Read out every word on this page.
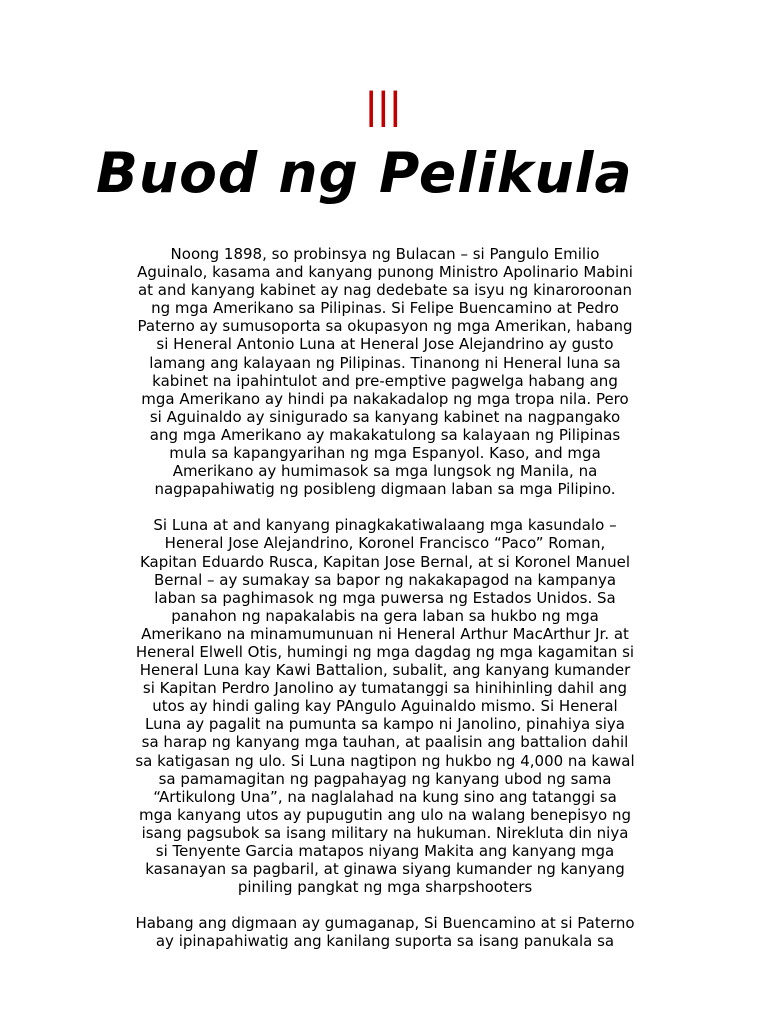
III
Buod ng Pelikula

Noong 1898, so probinsya ng Bulacan – si Pangulo Emilio
Aguinalo, kasama and kanyang punong Ministro Apolinario Mabini
at and kanyang kabinet ay nag dedebate sa isyu ng kinaroroonan
ng mga Amerikano sa Pilipinas. Si Felipe Buencamino at Pedro
Paterno ay sumusoporta sa okupasyon ng mga Amerikan, habang
si Heneral Antonio Luna at Heneral Jose Alejandrino ay gusto
lamang ang kalayaan ng Pilipinas. Tinanong ni Heneral luna sa
kabinet na ipahintulot and pre-emptive pagwelga habang ang
mga Amerikano ay hindi pa nakakadalop ng mga tropa nila. Pero
si Aguinaldo ay sinigurado sa kanyang kabinet na nagpangako
ang mga Amerikano ay makakatulong sa kalayaan ng Pilipinas
mula sa kapangyarihan ng mga Espanyol. Kaso, and mga
Amerikano ay humimasok sa mga lungsok ng Manila, na
nagpapahiwatig ng posibleng digmaan laban sa mga Pilipino.

Si Luna at and kanyang pinagkakatiwalaang mga kasundalo –
Heneral Jose Alejandrino, Koronel Francisco “Paco” Roman,
Kapitan Eduardo Rusca, Kapitan Jose Bernal, at si Koronel Manuel
Bernal – ay sumakay sa bapor ng nakakapagod na kampanya
laban sa paghimasok ng mga puwersa ng Estados Unidos. Sa
panahon ng napakalabis na gera laban sa hukbo ng mga
Amerikano na minamumunuan ni Heneral Arthur MacArthur Jr. at
Heneral Elwell Otis, humingi ng mga dagdag ng mga kagamitan si
Heneral Luna kay Kawi Battalion, subalit, ang kanyang kumander
si Kapitan Perdro Janolino ay tumatanggi sa hinihinling dahil ang
utos ay hindi galing kay PAngulo Aguinaldo mismo. Si Heneral
Luna ay pagalit na pumunta sa kampo ni Janolino, pinahiya siya
sa harap ng kanyang mga tauhan, at paalisin ang battalion dahil
sa katigasan ng ulo. Si Luna nagtipon ng hukbo ng 4,000 na kawal
sa pamamagitan ng pagpahayag ng kanyang ubod ng sama
“Artikulong Una”, na naglalahad na kung sino ang tatanggi sa
mga kanyang utos ay pupugutin ang ulo na walang benepisyo ng
isang pagsubok sa isang military na hukuman. Nirekluta din niya
si Tenyente Garcia matapos niyang Makita ang kanyang mga
kasanayan sa pagbaril, at ginawa siyang kumander ng kanyang
piniling pangkat ng mga sharpshooters

Habang ang digmaan ay gumaganap, Si Buencamino at si Paterno
ay ipinapahiwatig ang kanilang suporta sa isang panukala sa
